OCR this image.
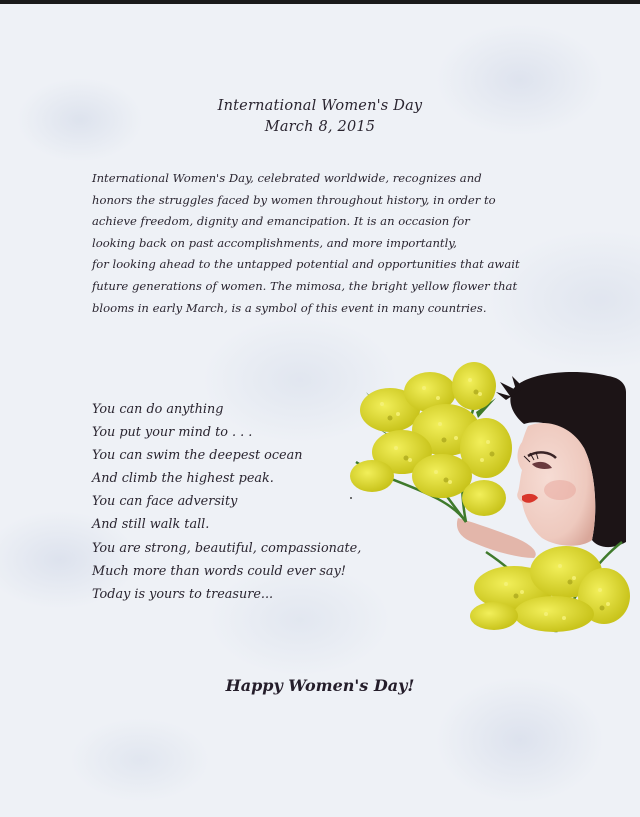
International Women's Day
March 8, 2015

International Women's Day, celebrated worldwide, recognizes and
honors the struggles faced by women throughout history, in order to
achieve freedom, dignity and emancipation. It is an occasion for
looking back on past accomplishments, and more importantly,
for looking ahead to the untapped potential and opportunities that await
future generations of women. The mimosa, the bright yellow flower that
blooms in early March, is a symbol of this event in many countries.

You can do anything
You put your mind to . . .
You can swim the deepest ocean
And climb the highest peak.
You can face adversity
And still walk tall.
You are strong, beautiful, compassionate,
Much more than words could ever say!
Today is yours to treasure...
Happy Women's Day!
